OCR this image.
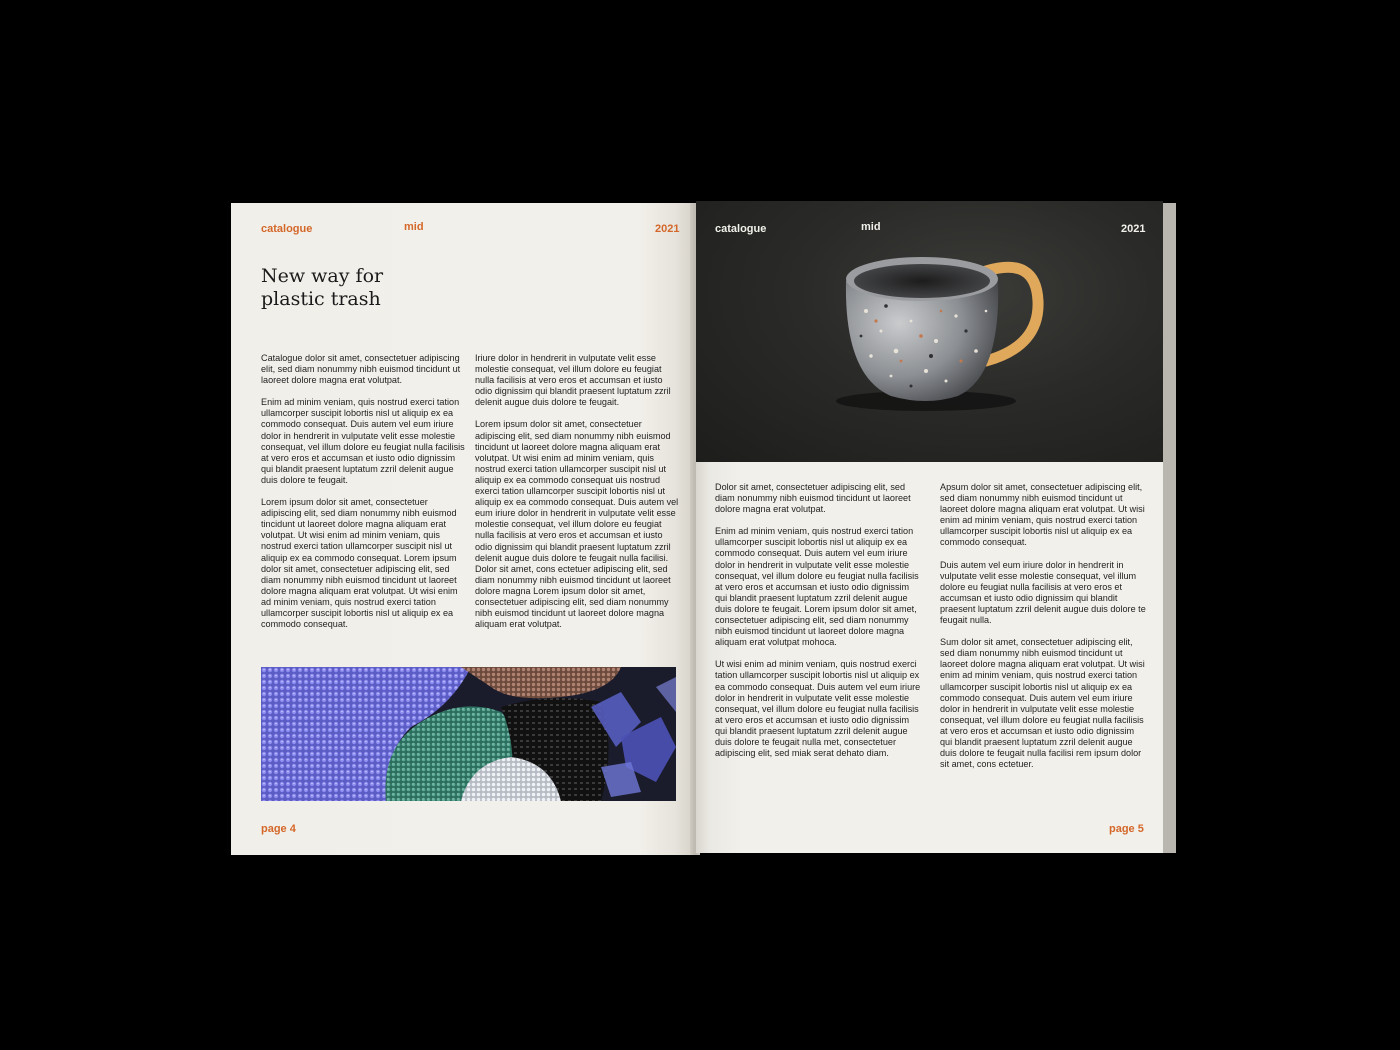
catalogue	mid	2021
New way for
plastic trash

Catalogue dolor sit amet, consectetuer adipiscing elit, sed diam nonummy nibh euismod tincidunt ut laoreet dolore magna erat volutpat.

Enim ad minim veniam, quis nostrud exerci tation ullamcorper suscipit lobortis nisl ut aliquip ex ea commodo consequat. Duis autem vel eum iriure dolor in hendrerit in vulputate velit esse molestie consequat, vel illum dolore eu feugiat nulla facilisis at vero eros et accumsan et iusto odio dignissim qui blandit praesent luptatum zzril delenit augue duis dolore te feugait.

Lorem ipsum dolor sit amet, consectetuer adipiscing elit, sed diam nonummy nibh euismod tincidunt ut laoreet dolore magna aliquam erat volutpat. Ut wisi enim ad minim veniam, quis nostrud exerci tation ullamcorper suscipit nisl ut aliquip ex ea commodo consequat. Lorem ipsum dolor sit amet, consectetuer adipiscing elit, sed diam nonummy nibh euismod tincidunt ut laoreet dolore magna aliquam erat volutpat. Ut wisi enim ad minim veniam, quis nostrud exerci tation ullamcorper suscipit lobortis nisl ut aliquip ex ea commodo consequat.

Iriure dolor in hendrerit in vulputate velit esse molestie consequat, vel illum dolore eu feugiat nulla facilisis at vero eros et accumsan et iusto odio dignissim qui blandit praesent luptatum zzril delenit augue duis dolore te feugait.

Lorem ipsum dolor sit amet, consectetuer adipiscing elit, sed diam nonummy nibh euismod tincidunt ut laoreet dolore magna aliquam erat volutpat. Ut wisi enim ad minim veniam, quis nostrud exerci tation ullamcorper suscipit nisl ut aliquip ex ea commodo consequat uis nostrud exerci tation ullamcorper suscipit lobortis nisl ut aliquip ex ea commodo consequat. Duis autem vel eum iriure dolor in hendrerit in vulputate velit esse molestie consequat, vel illum dolore eu feugiat nulla facilisis at vero eros et accumsan et iusto odio dignissim qui blandit praesent luptatum zzril delenit augue duis dolore te feugait nulla facilisi. Dolor sit amet, cons ectetuer adipiscing elit, sed diam nonummy nibh euismod tincidunt ut laoreet dolore magna Lorem ipsum dolor sit amet, consectetuer adipiscing elit, sed diam nonummy nibh euismod tincidunt ut laoreet dolore magna aliquam erat volutpat.

page 4
catalogue	mid	2021

Dolor sit amet, consectetuer adipiscing elit, sed diam nonummy nibh euismod tincidunt ut laoreet dolore magna erat volutpat.

Enim ad minim veniam, quis nostrud exerci tation ullamcorper suscipit lobortis nisl ut aliquip ex ea commodo consequat. Duis autem vel eum iriure dolor in hendrerit in vulputate velit esse molestie consequat, vel illum dolore eu feugiat nulla facilisis at vero eros et accumsan et iusto odio dignissim qui blandit praesent luptatum zzril delenit augue duis dolore te feugait. Lorem ipsum dolor sit amet, consectetuer adipiscing elit, sed diam nonummy nibh euismod tincidunt ut laoreet dolore magna aliquam erat volutpat mohoca.

Ut wisi enim ad minim veniam, quis nostrud exerci tation ullamcorper suscipit lobortis nisl ut aliquip ex ea commodo consequat. Duis autem vel eum iriure dolor in hendrerit in vulputate velit esse molestie consequat, vel illum dolore eu feugiat nulla facilisis at vero eros et accumsan et iusto odio dignissim qui blandit praesent luptatum zzril delenit augue duis dolore te feugait nulla met, consectetuer adipiscing elit, sed miak serat dehato diam.

Apsum dolor sit amet, consectetuer adipiscing elit, sed diam nonummy nibh euismod tincidunt ut laoreet dolore magna aliquam erat volutpat. Ut wisi enim ad minim veniam, quis nostrud exerci tation ullamcorper suscipit lobortis nisl ut aliquip ex ea commodo consequat.

Duis autem vel eum iriure dolor in hendrerit in vulputate velit esse molestie consequat, vel illum dolore eu feugiat nulla facilisis at vero eros et accumsan et iusto odio dignissim qui blandit praesent luptatum zzril delenit augue duis dolore te feugait nulla.

Sum dolor sit amet, consectetuer adipiscing elit, sed diam nonummy nibh euismod tincidunt ut laoreet dolore magna aliquam erat volutpat. Ut wisi enim ad minim veniam, quis nostrud exerci tation ullamcorper suscipit lobortis nisl ut aliquip ex ea commodo consequat. Duis autem vel eum iriure dolor in hendrerit in vulputate velit esse molestie consequat, vel illum dolore eu feugiat nulla facilisis at vero eros et accumsan et iusto odio dignissim qui blandit praesent luptatum zzril delenit augue duis dolore te feugait nulla facilisi rem ipsum dolor sit amet, cons ectetuer.

page 5
